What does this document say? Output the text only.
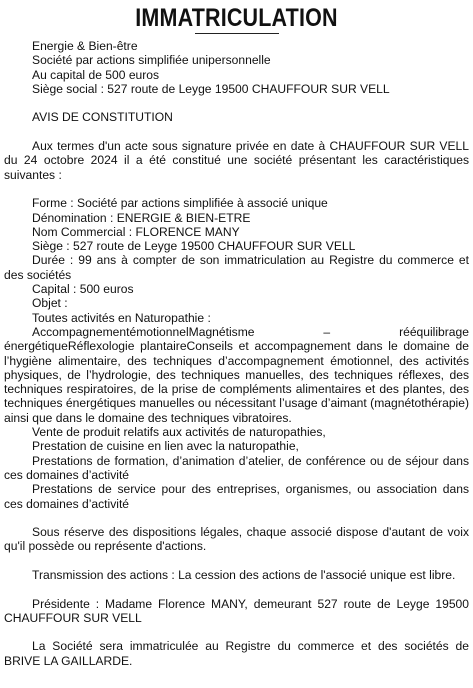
IMMATRICULATION

Energie & Bien-être

Société par actions simplifiée unipersonnelle

Au capital de 500 euros

Siège social : 527 route de Leyge 19500 CHAUFFOUR SUR VELL

AVIS DE CONSTITUTION

Aux termes d'un acte sous signature privée en date à CHAUFFOUR SUR VELL du 24 octobre 2024 il a été constitué une société présentant les caractéristiques suivantes :

Forme : Société par actions simplifiée à associé unique

Dénomination : ENERGIE & BIEN-ETRE

Nom Commercial : FLORENCE MANY

Siège : 527 route de Leyge 19500 CHAUFFOUR SUR VELL

Durée : 99 ans à compter de son immatriculation au Registre du commerce et des sociétés

Capital : 500 euros

Objet :

Toutes activités en Naturopathie :

AccompagnementémotionnelMagnétisme – rééquilibrage énergétiqueRéflexologie plantaireConseils et accompagnement dans le domaine de l’hygiène alimentaire, des techniques d’accompagnement émotionnel, des activités physiques, de l’hydrologie, des techniques manuelles, des techniques réflexes, des techniques respiratoires, de la prise de compléments alimentaires et des plantes, des techniques énergétiques manuelles ou nécessitant l’usage d’aimant (magnétothérapie) ainsi que dans le domaine des techniques vibratoires.

Vente de produit relatifs aux activités de naturopathies,

Prestation de cuisine en lien avec la naturopathie,

Prestations de formation, d’animation d’atelier, de conférence ou de séjour dans ces domaines d’activité

Prestations de service pour des entreprises, organismes, ou association dans ces domaines d’activité

Sous réserve des dispositions légales, chaque associé dispose d'autant de voix qu'il possède ou représente d'actions.

Transmission des actions : La cession des actions de l'associé unique est libre.

Présidente : Madame Florence MANY, demeurant 527 route de Leyge 19500 CHAUFFOUR SUR VELL

La Société sera immatriculée au Registre du commerce et des sociétés de BRIVE LA GAILLARDE.
